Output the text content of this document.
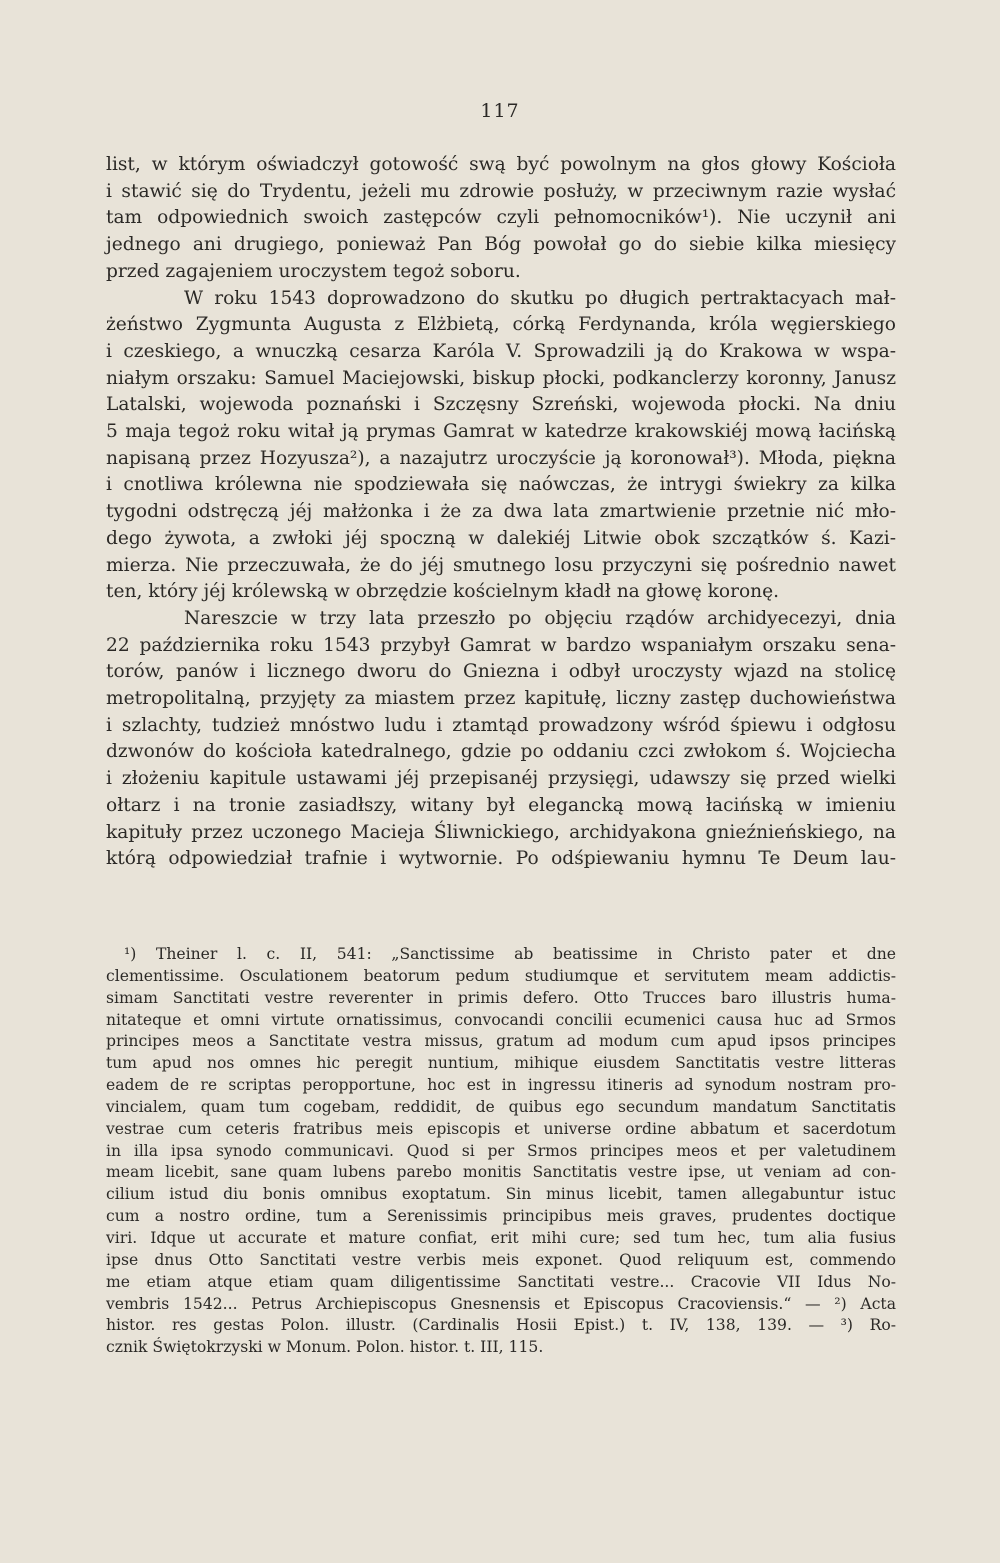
117
list, w którym oświadczył gotowość swą być powolnym na głos głowy Kościoła
i stawić się do Trydentu, jeżeli mu zdrowie posłuży, w przeciwnym razie wysłać
tam odpowiednich swoich zastępców czyli pełnomocników¹). Nie uczynił ani
jednego ani drugiego, ponieważ Pan Bóg powołał go do siebie kilka miesięcy
przed zagajeniem uroczystem tegoż soboru.
W roku 1543 doprowadzono do skutku po długich pertraktacyach mał-
żeństwo Zygmunta Augusta z Elżbietą, córką Ferdynanda, króla węgierskiego
i czeskiego, a wnuczką cesarza Karóla V. Sprowadzili ją do Krakowa w wspa-
niałym orszaku: Samuel Maciejowski, biskup płocki, podkanclerzy koronny, Janusz
Latalski, wojewoda poznański i Szczęsny Szreński, wojewoda płocki. Na dniu
5 maja tegoż roku witał ją prymas Gamrat w katedrze krakowskiéj mową łacińską
napisaną przez Hozyusza²), a nazajutrz uroczyście ją koronował³). Młoda, piękna
i cnotliwa królewna nie spodziewała się naówczas, że intrygi świekry za kilka
tygodni odstręczą jéj małżonka i że za dwa lata zmartwienie przetnie nić mło-
dego żywota, a zwłoki jéj spoczną w dalekiéj Litwie obok szczątków ś. Kazi-
mierza. Nie przeczuwała, że do jéj smutnego losu przyczyni się pośrednio nawet
ten, który jéj królewską w obrzędzie kościelnym kładł na głowę koronę.
Nareszcie w trzy lata przeszło po objęciu rządów archidyecezyi, dnia
22 października roku 1543 przybył Gamrat w bardzo wspaniałym orszaku sena-
torów, panów i licznego dworu do Gniezna i odbył uroczysty wjazd na stolicę
metropolitalną, przyjęty za miastem przez kapitułę, liczny zastęp duchowieństwa
i szlachty, tudzież mnóstwo ludu i ztamtąd prowadzony wśród śpiewu i odgłosu
dzwonów do kościoła katedralnego, gdzie po oddaniu czci zwłokom ś. Wojciecha
i złożeniu kapitule ustawami jéj przepisanéj przysięgi, udawszy się przed wielki
ołtarz i na tronie zasiadłszy, witany był elegancką mową łacińską w imieniu
kapituły przez uczonego Macieja Śliwnickiego, archidyakona gnieźnieńskiego, na
którą odpowiedział trafnie i wytwornie. Po odśpiewaniu hymnu Te Deum lau-
¹) Theiner l. c. II, 541: „Sanctissime ab beatissime in Christo pater et dne
clementissime. Osculationem beatorum pedum studiumque et servitutem meam addictis-
simam Sanctitati vestre reverenter in primis defero. Otto Trucces baro illustris huma-
nitateque et omni virtute ornatissimus, convocandi concilii ecumenici causa huc ad Srmos
principes meos a Sanctitate vestra missus, gratum ad modum cum apud ipsos principes
tum apud nos omnes hic peregit nuntium, mihique eiusdem Sanctitatis vestre litteras
eadem de re scriptas peropportune, hoc est in ingressu itineris ad synodum nostram pro-
vincialem, quam tum cogebam, reddidit, de quibus ego secundum mandatum Sanctitatis
vestrae cum ceteris fratribus meis episcopis et universe ordine abbatum et sacerdotum
in illa ipsa synodo communicavi. Quod si per Srmos principes meos et per valetudinem
meam licebit, sane quam lubens parebo monitis Sanctitatis vestre ipse, ut veniam ad con-
cilium istud diu bonis omnibus exoptatum. Sin minus licebit, tamen allegabuntur istuc
cum a nostro ordine, tum a Serenissimis principibus meis graves, prudentes doctique
viri. Idque ut accurate et mature confiat, erit mihi cure; sed tum hec, tum alia fusius
ipse dnus Otto Sanctitati vestre verbis meis exponet. Quod reliquum est, commendo
me etiam atque etiam quam diligentissime Sanctitati vestre... Cracovie VII Idus No-
vembris 1542... Petrus Archiepiscopus Gnesnensis et Episcopus Cracoviensis.“ — ²) Acta
histor. res gestas Polon. illustr. (Cardinalis Hosii Epist.) t. IV, 138, 139. — ³) Ro-
cznik Świętokrzyski w Monum. Polon. histor. t. III, 115.
